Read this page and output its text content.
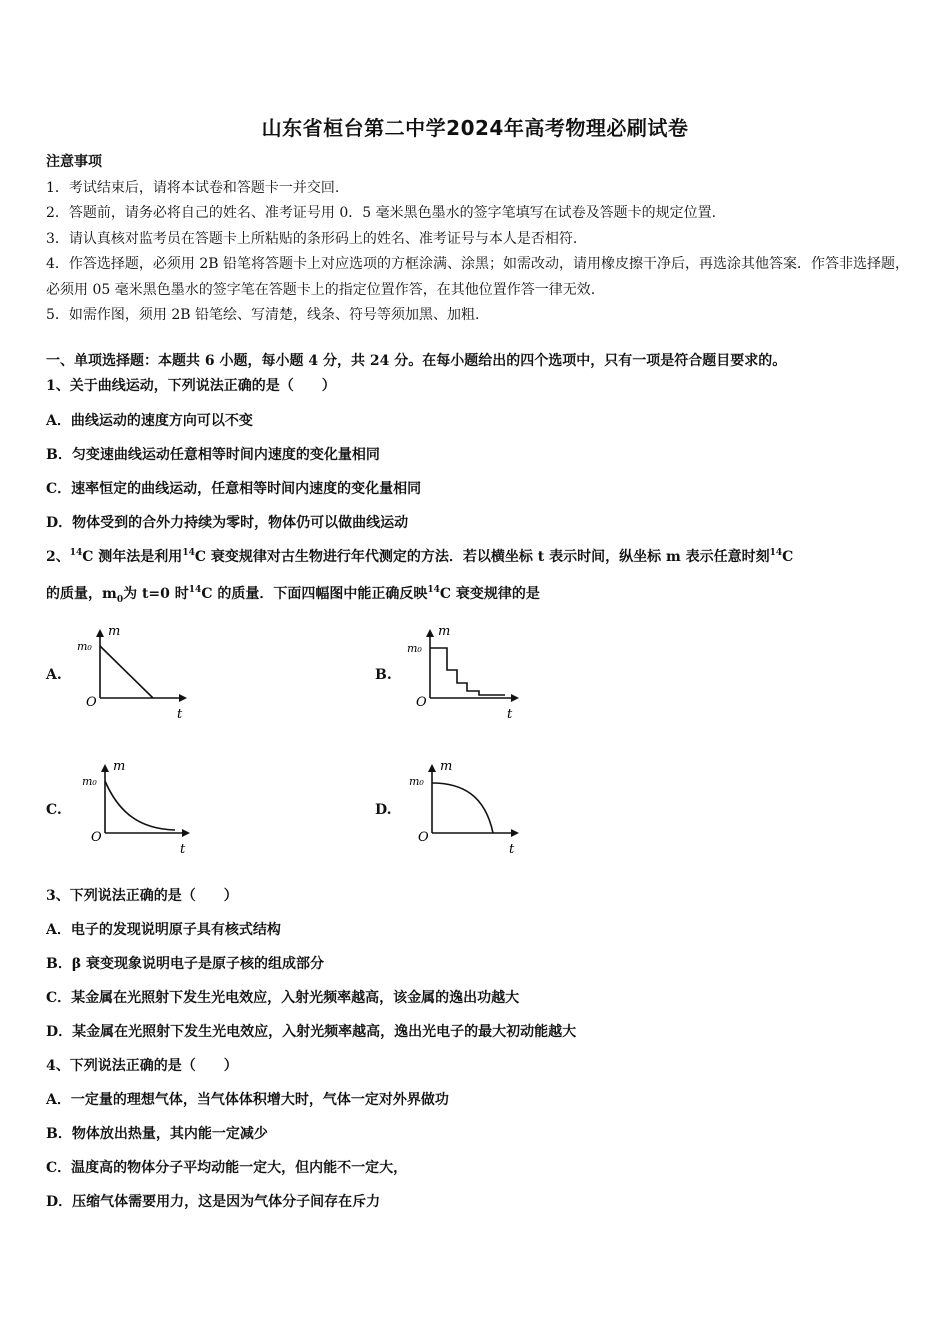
山东省桓台第二中学2024年高考物理必刷试卷

注意事项

1．考试结束后，请将本试卷和答题卡一并交回.

2．答题前，请务必将自己的姓名、准考证号用 0．5 毫米黑色墨水的签字笔填写在试卷及答题卡的规定位置.

3．请认真核对监考员在答题卡上所粘贴的条形码上的姓名、准考证号与本人是否相符.

4．作答选择题，必须用 2B 铅笔将答题卡上对应选项的方框涂满、涂黑；如需改动，请用橡皮擦干净后，再选涂其他答案．作答非选择题，必须用 05 毫米黑色墨水的签字笔在答题卡上的指定位置作答，在其他位置作答一律无效.

5．如需作图，须用 2B 铅笔绘、写清楚，线条、符号等须加黑、加粗.

一、单项选择题：本题共 6 小题，每小题 4 分，共 24 分。在每小题给出的四个选项中，只有一项是符合题目要求的。
1、关于曲线运动，下列说法正确的是（　　）
A．曲线运动的速度方向可以不变
B．匀变速曲线运动任意相等时间内速度的变化量相同
C．速率恒定的曲线运动，任意相等时间内速度的变化量相同
D．物体受到的合外力持续为零时，物体仍可以做曲线运动
2、$^{14}$C 测年法是利用$^{14}$C 衰变规律对古生物进行年代测定的方法．若以横坐标 t 表示时间，纵坐标 m 表示任意时刻$^{14}$C
的质量，$m_0$为 t=0 时$^{14}$C 的质量．下面四幅图中能正确反映$^{14}$C 衰变规律的是
A.	B.
C.	D.
m
m₀
O
t
m
m₀
O
t
m
m₀
O
t
m
m₀
O
t
3、下列说法正确的是（　　）
A．电子的发现说明原子具有核式结构
B．β 衰变现象说明电子是原子核的组成部分
C．某金属在光照射下发生光电效应，入射光频率越高，该金属的逸出功越大
D．某金属在光照射下发生光电效应，入射光频率越高，逸出光电子的最大初动能越大
4、下列说法正确的是（　　）
A．一定量的理想气体，当气体体积增大时，气体一定对外界做功
B．物体放出热量，其内能一定减少
C．温度高的物体分子平均动能一定大，但内能不一定大，
D．压缩气体需要用力，这是因为气体分子间存在斥力
